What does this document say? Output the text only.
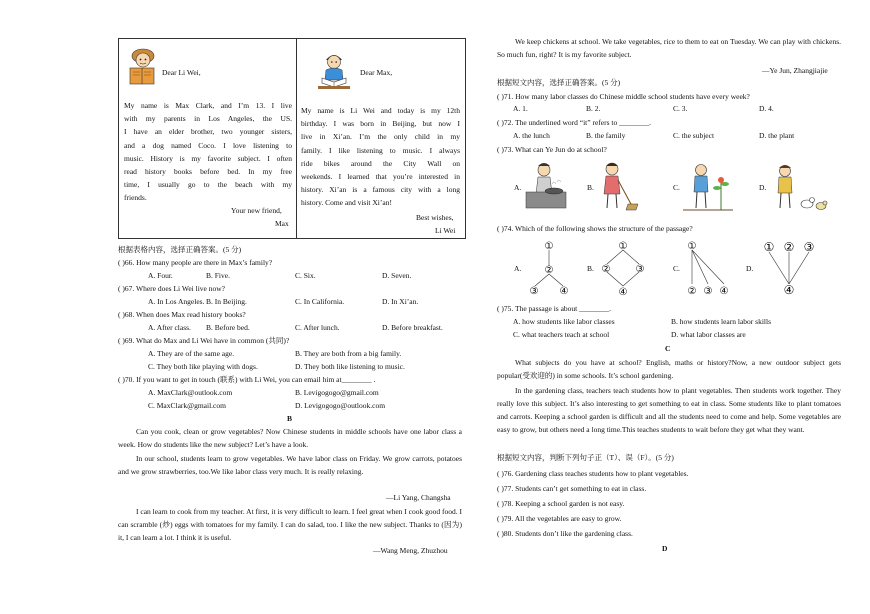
Dear Li Wei,
My name is Max Clark, and I’m 13. I live
with my parents in Los Angeles, the US.
I have an elder brother, two younger sisters,
and a dog named Coco. I love listening to
music. History is my favorite subject. I often
read history books before bed. In my free
time, I usually go to the beach with my
friends.
Your new friend,
Max
Dear Max,
My name is Li Wei and today is my 12th
birthday. I was born in Beijing, but now I
live in Xi’an. I’m the only child in my
family. I like listening to music. I always
ride bikes around the City Wall on
weekends. I learned that you’re interested in
history. Xi’an is a famous city with a long
history. Come and visit Xi’an!
Best wishes,
Li Wei
根据表格内容，选择正确答案。(5 分)
( )66. How many people are there in Max’s family?
A. Four.	B. Five.	C. Six.	D. Seven.
( )67. Where does Li Wei live now?
A. In Los Angeles. B. In Beijing.	C. In California.	D. In Xi’an.
( )68. When does Max read history books?
A. After class. B. Before bed.	C. After lunch.	D. Before breakfast.
( )69. What do Max and Li Wei have in common (共同)?
A. They are of the same age.	B. They are both from a big family.
C. They both like playing with dogs.	D. They both like listening to music.
( )70. If you want to get in touch (联系) with Li Wei, you can email him at________ .
A. MaxClark@outlook.com	B. Levigogogo@gmail.com
C. MaxClark@gmail.com	D. Levigogogo@outlook.com
B
Can you cook, clean or grow vegetables? Now Chinese students in middle schools have one labor class a week. How do students like the new subject? Let’s have a look.
In our school, students learn to grow vegetables. We have labor class on Friday. We grow carrots, potatoes and we grow strawberries, too.We like labor class very much. It is really relaxing.
—Li Yang, Changsha
I can learn to cook from my teacher. At first, it is very difficult to learn. I feel great when I cook good food. I can scramble (炒) eggs with tomatoes for my family. I can do salad, too. I like the new subject. Thanks to (因为) it, I can learn a lot. I think it is useful.
—Wang Meng, Zhuzhou
We keep chickens at school. We take vegetables, rice to them to eat on Tuesday. We can play with chickens. So much fun, right? It is my favorite subject.
—Ye Jun, Zhangjiajie
根据短文内容，选择正确答案。(5 分)
( )71. How many labor classes do Chinese middle school students have every week?
A. 1.	B. 2.	C. 3.	D. 4.
( )72. The underlined word “it” refers to ________.
A. the lunch	B. the family	C. the subject	D. the plant
( )73. What can Ye Jun do at school?
A.	B.	C.	D.
( )74. Which of the following shows the structure of the passage?
A.	B.	C.	D.
①
②
③ ④
①
②	③
④
①
② ③ ④
① ② ③
④
( )75. The passage is about ________.
A. how students like labor classes	B. how students learn labor skills
C. what teachers teach at school	D. what labor classes are
C
What subjects do you have at school? English, maths or history?Now, a new outdoor subject gets popular(受欢迎的) in some schools. It’s school gardening.
In the gardening class, teachers teach students how to plant vegetables. Then students work together. They really love this subject. It’s also interesting to get something to eat in class. Some students like to plant tomatoes and carrots. Keeping a school garden is difficult and all the students need to come and help. Some vegetables are easy to grow, but others need a long time.This teaches students to wait before they get what they want.
根据短文内容，判断下列句子正（T）、误（F）。(5 分)
( )76. Gardening class teaches students how to plant vegetables.
( )77. Students can’t get something to eat in class.
( )78. Keeping a school garden is not easy.
( )79. All the vegetables are easy to grow.
( )80. Students don’t like the gardening class.
D
